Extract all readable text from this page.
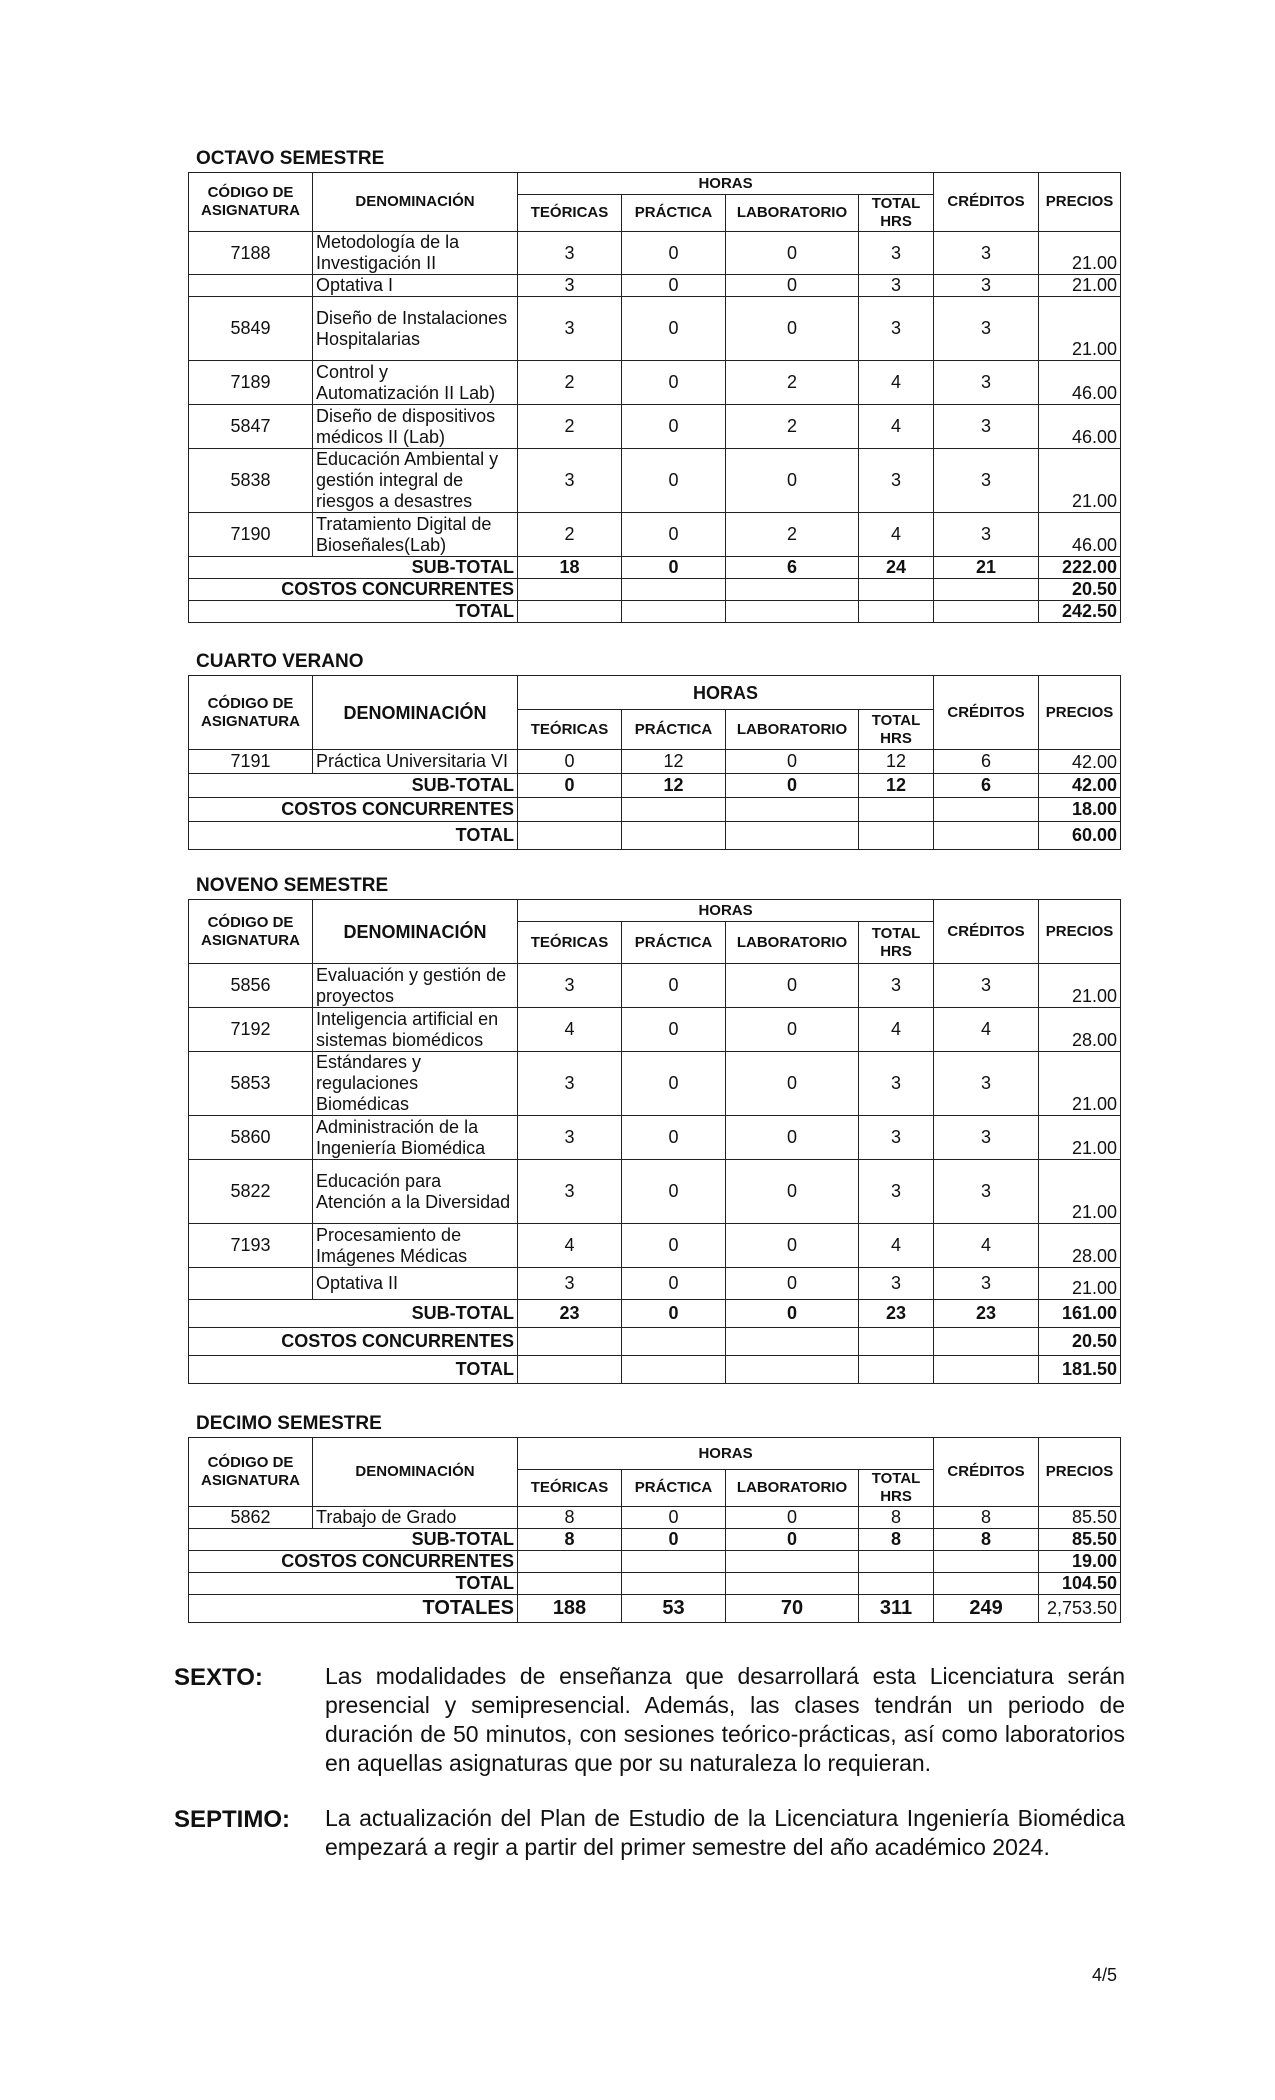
OCTAVO SEMESTRE
CÓDIGO DE ASIGNATURA	DENOMINACIÓN	HORAS				CRÉDITOS	PRECIOS
		TEÓRICAS	PRÁCTICA	LABORATORIO	TOTAL HRS		
7188	Metodología de la Investigación II	3	0	0	3	3	21.00
	Optativa I	3	0	0	3	3	21.00
5849	Diseño de Instalaciones Hospitalarias	3	0	0	3	3	21.00
7189	Control y Automatización II Lab)	2	0	2	4	3	46.00
5847	Diseño de dispositivos médicos II (Lab)	2	0	2	4	3	46.00
5838	Educación Ambiental y gestión integral de riesgos a desastres	3	0	0	3	3	21.00
7190	Tratamiento Digital de Bioseñales(Lab)	2	0	2	4	3	46.00
SUB-TOTAL		18	0	6	24	21	222.00
COSTOS CONCURRENTES							20.50
TOTAL							242.50
CUARTO VERANO
CÓDIGO DE ASIGNATURA	DENOMINACIÓN	HORAS				CRÉDITOS	PRECIOS
		TEÓRICAS	PRÁCTICA	LABORATORIO	TOTAL HRS		
7191	Práctica Universitaria VI	0	12	0	12	6	42.00
SUB-TOTAL		0	12	0	12	6	42.00
COSTOS CONCURRENTES							18.00
TOTAL							60.00
NOVENO SEMESTRE
CÓDIGO DE ASIGNATURA	DENOMINACIÓN	HORAS				CRÉDITOS	PRECIOS
		TEÓRICAS	PRÁCTICA	LABORATORIO	TOTAL HRS		
5856	Evaluación y gestión de proyectos	3	0	0	3	3	21.00
7192	Inteligencia artificial en sistemas biomédicos	4	0	0	4	4	28.00
5853	Estándares y regulaciones Biomédicas	3	0	0	3	3	21.00
5860	Administración de la Ingeniería Biomédica	3	0	0	3	3	21.00
5822	Educación para Atención a la Diversidad	3	0	0	3	3	21.00
7193	Procesamiento de Imágenes Médicas	4	0	0	4	4	28.00
	Optativa II	3	0	0	3	3	21.00
SUB-TOTAL		23	0	0	23	23	161.00
COSTOS CONCURRENTES							20.50
TOTAL							181.50
DECIMO SEMESTRE
CÓDIGO DE ASIGNATURA	DENOMINACIÓN	HORAS				CRÉDITOS	PRECIOS
		TEÓRICAS	PRÁCTICA	LABORATORIO	TOTAL HRS		
5862	Trabajo de Grado	8	0	0	8	8	85.50
SUB-TOTAL		8	0	0	8	8	85.50
COSTOS CONCURRENTES							19.00
TOTAL							104.50
TOTALES		188	53	70	311	249	2,753.50
SEXTO:	Las modalidades de enseñanza que desarrollará esta Licenciatura serán presencial y semipresencial. Además, las clases tendrán un periodo de duración de 50 minutos, con sesiones teórico-prácticas, así como laboratorios en aquellas asignaturas que por su naturaleza lo requieran.
SEPTIMO: La actualización del Plan de Estudio de la Licenciatura Ingeniería Biomédica empezará a regir a partir del primer semestre del año académico 2024.
4/5
